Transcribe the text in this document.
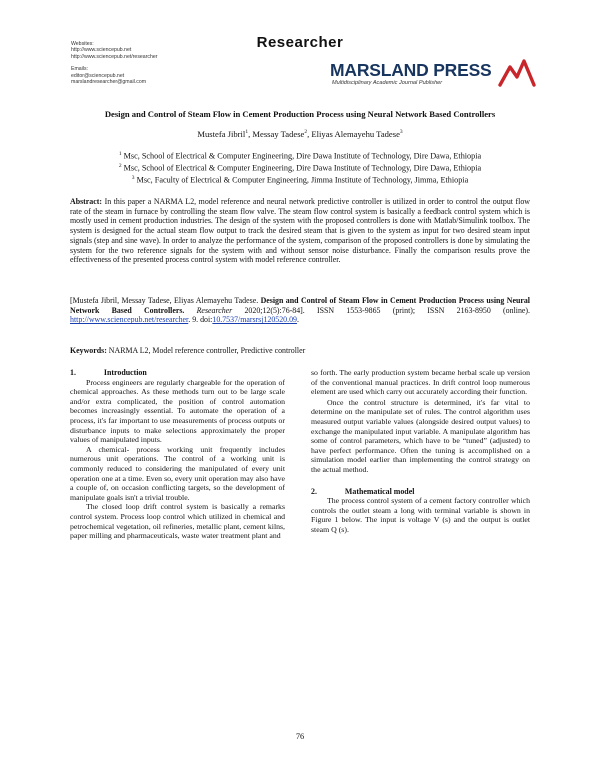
Websites:
http://www.sciencepub.net
http://www.sciencepub.net/researcher
Emails:
editor@sciencepub.net
marslandresearcher@gmail.com
Researcher
MARSLAND PRESS
Multidisciplinary Academic Journal Publisher
Design and Control of Steam Flow in Cement Production Process using Neural Network Based Controllers
Mustefa Jibril$^1$, Messay Tadese$^2$, Eliyas Alemayehu Tadese$^3$
$^1$ Msc, School of Electrical & Computer Engineering, Dire Dawa Institute of Technology, Dire Dawa, Ethiopia
$^2$ Msc, School of Electrical & Computer Engineering, Dire Dawa Institute of Technology, Dire Dawa, Ethiopia
$^3$ Msc, Faculty of Electrical & Computer Engineering, Jimma Institute of Technology, Jimma, Ethiopia
Abstract: In this paper a NARMA L2, model reference and neural network predictive controller is utilized in order to control the output flow rate of the steam in furnace by controlling the steam flow valve. The steam flow control system is basically a feedback control system which is mostly used in cement production industries. The design of the system with the proposed controllers is done with Matlab/Simulink toolbox. The system is designed for the actual steam flow output to track the desired steam that is given to the system as input for two desired steam input signals (step and sine wave). In order to analyze the performance of the system, comparison of the proposed controllers is done by simulating the system for the two reference signals for the system with and without sensor noise disturbance. Finally the comparison results prove the effectiveness of the presented process control system with model reference controller.
[Mustefa Jibril, Messay Tadese, Eliyas Alemayehu Tadese. Design and Control of Steam Flow in Cement Production Process using Neural Network Based Controllers. Researcher 2020;12(5):76-84]. ISSN 1553-9865 (print); ISSN 2163-8950 (online). http://www.sciencepub.net/researcher. 9. doi:10.7537/marsrsj120520.09.
Keywords: NARMA L2, Model reference controller, Predictive controller
1.	Introduction

Process engineers are regularly chargeable for the operation of chemical approaches. As these methods turn out to be large scale and/or extra complicated, the position of control automation becomes increasingly essential. To automate the operation of a process, it's far important to use measurements of process outputs or disturbance inputs to make selections approximately the proper values of manipulated inputs.

A chemical- process working unit frequently includes numerous unit operations. The control of a working unit is commonly reduced to considering the manipulated of every unit operation one at a time. Even so, every unit operation may also have a couple of, on occasion conflicting targets, so the development of manipulate goals isn't a trivial trouble.

The closed loop drift control system is basically a remarks control system. Process loop control which utilized in chemical and petrochemical vegetation, oil refineries, metallic plant, cement kilns, paper milling and pharmaceuticals, waste water treatment plant and

so forth. The early production system became herbal scale up version of the conventional manual practices. In drift control loop numerous element are used which carry out accurately according their function.

Once the control structure is determined, it's far vital to determine on the manipulate set of rules. The control algorithm uses measured output variable values (alongside desired output values) to exchange the manipulated input variable. A manipulate algorithm has some of control parameters, which have to be “tuned” (adjusted) to have perfect performance. Often the tuning is accomplished on a simulation model earlier than implementing the control strategy on the actual method.

2.	Mathematical model

The process control system of a cement factory controller which controls the outlet steam a long with terminal variable is shown in Figure 1 below. The input is voltage V (s) and the output is outlet steam Q (s).

76
